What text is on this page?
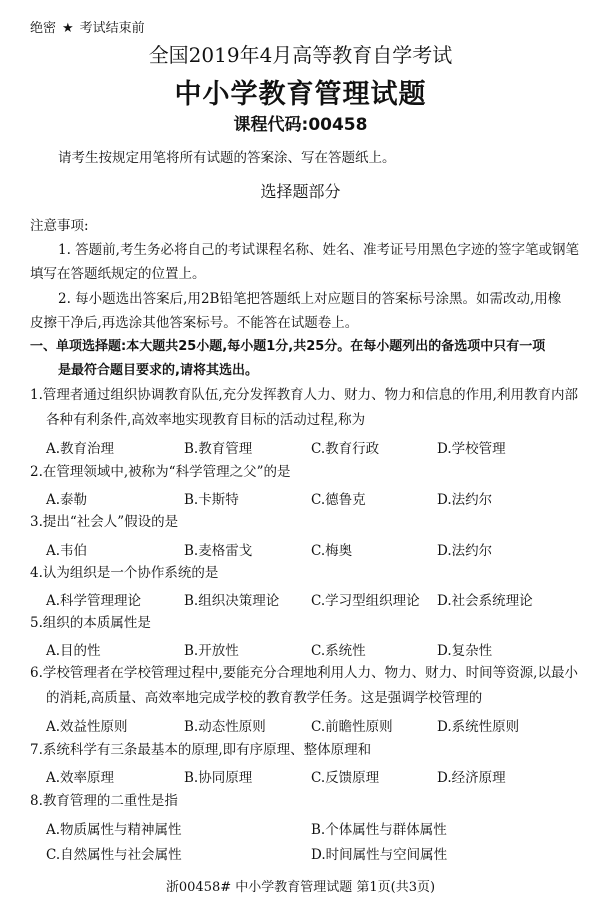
绝密 ★ 考试结束前
全国2019年4月高等教育自学考试
中小学教育管理试题
课程代码:00458
请考生按规定用笔将所有试题的答案涂、写在答题纸上。
选择题部分
注意事项:
1. 答题前,考生务必将自己的考试课程名称、姓名、准考证号用黑色字迹的签字笔或钢笔
填写在答题纸规定的位置上。
2. 每小题选出答案后,用2B铅笔把答题纸上对应题目的答案标号涂黑。如需改动,用橡
皮擦干净后,再选涂其他答案标号。不能答在试题卷上。
一、单项选择题:本大题共25小题,每小题1分,共25分。在每小题列出的备选项中只有一项
是最符合题目要求的,请将其选出。
1.管理者通过组织协调教育队伍,充分发挥教育人力、财力、物力和信息的作用,利用教育内部
各种有利条件,高效率地实现教育目标的活动过程,称为
A.教育治理	B.教育管理	C.教育行政	D.学校管理
2.在管理领域中,被称为“科学管理之父”的是
A.泰勒	B.卡斯特	C.德鲁克	D.法约尔
3.提出“社会人”假设的是
A.韦伯	B.麦格雷戈	C.梅奥	D.法约尔
4.认为组织是一个协作系统的是
A.科学管理理论	B.组织决策理论 C.学习型组织理论 D.社会系统理论
5.组织的本质属性是
A.目的性	B.开放性	C.系统性	D.复杂性
6.学校管理者在学校管理过程中,要能充分合理地利用人力、物力、财力、时间等资源,以最小
的消耗,高质量、高效率地完成学校的教育教学任务。这是强调学校管理的
A.效益性原则	B.动态性原则	C.前瞻性原则	D.系统性原则
7.系统科学有三条最基本的原理,即有序原理、整体原理和
A.效率原理	B.协同原理	C.反馈原理	D.经济原理
8.教育管理的二重性是指
A.物质属性与精神属性	B.个体属性与群体属性
C.自然属性与社会属性	D.时间属性与空间属性
浙00458# 中小学教育管理试题 第1页(共3页)
